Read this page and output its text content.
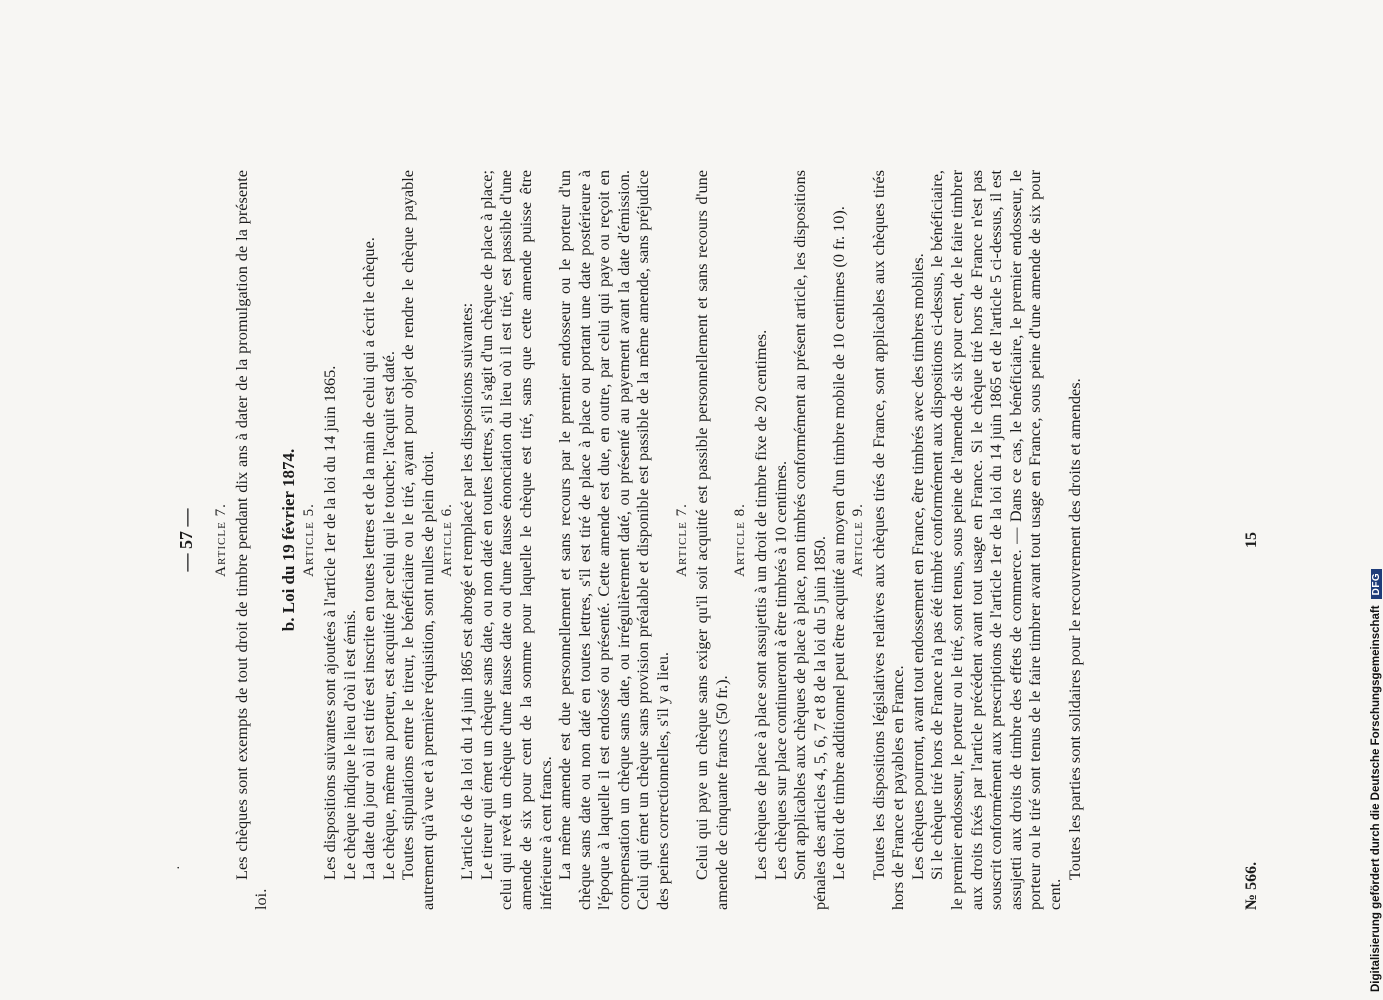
·
— 57 —	Article 7. Les chèques sont exempts de tout droit de timbre pendant dix ans à dater de la promulgation de la présente loi.

b. Loi du 19 février 1874. Article 5. Les dispositions suivantes sont ajoutées à l'article 1er de la loi du 14 juin 1865. Le chèque indique le lieu d'où il est émis. La date du jour où il est tiré est inscrite en toutes lettres et de la main de celui qui a écrit le chèque. Le chèque, même au porteur, est acquitté par celui qui le touche; l'acquit est daté. Toutes stipulations entre le tireur, le bénéficiaire ou le tiré, ayant pour objet de rendre le chèque payable autrement qu'à vue et à première réquisition, sont nulles de plein droit. Article 6. L'article 6 de la loi du 14 juin 1865 est abrogé et remplacé par les dispositions suivantes: Le tireur qui émet un chèque sans date, ou non daté en toutes lettres, s'il s'agit d'un chèque de place à place; celui qui revêt un chèque d'une fausse date ou d'une fausse énonciation du lieu où il est tiré, est passible d'une amende de six pour cent de la somme pour laquelle le chèque est tiré, sans que cette amende puisse être inférieure à cent francs. La même amende est due personnellement et sans recours par le premier endosseur ou le porteur d'un chèque sans date ou non daté en toutes lettres, s'il est tiré de place à place ou portant une date postérieure à l'époque à laquelle il est endossé ou présenté. Cette amende est due, en outre, par celui qui paye ou reçoit en compensation un chèque sans date, ou irrégulièrement daté, ou présenté au payement avant la date d'émission. Celui qui émet un chèque sans provision préalable et disponible est passible de la même amende, sans préjudice des peines correctionnelles, s'il y a lieu.

Article 7. Celui qui paye un chèque sans exiger qu'il soit acquitté est passible personnellement et sans recours d'une amende de cinquante francs (50 fr.).

Article 8. Les chèques de place à place sont assujettis à un droit de timbre fixe de 20 centimes. Les chèques sur place continueront à être timbrés à 10 centimes. Sont applicables aux chèques de place à place, non timbrés conformément au présent article, les dispositions pénales des articles 4, 5, 6, 7 et 8 de la loi du 5 juin 1850. Le droit de timbre additionnel peut être acquitté au moyen d'un timbre mobile de 10 centimes (0 fr. 10). Article 9. Toutes les dispositions législatives relatives aux chèques tirés de France, sont applicables aux chèques tirés hors de France et payables en France. Les chèques pourront, avant tout endossement en France, être timbrés avec des timbres mobiles. Si le chèque tiré hors de France n'a pas été timbré conformément aux dispositions ci-dessus, le bénéficiaire, le premier endosseur, le porteur ou le tiré, sont tenus, sous peine de l'amende de six pour cent, de le faire timbrer aux droits fixés par l'article précédent avant tout usage en France. Si le chèque tiré hors de France n'est pas souscrit conformément aux prescriptions de l'article 1er de la loi du 14 juin 1865 et de l'article 5 ci-dessus, il est assujetti aux droits de timbre des effets de commerce. — Dans ce cas, le bénéficiaire, le premier endosseur, le porteur ou le tiré sont tenus de le faire timbrer avant tout usage en France, sous peine d'une amende de six pour cent.

Toutes les parties sont solidaires pour le recouvrement des droits et amendes.

№ 566.
15
Digitalisierung gefördert durch die Deutsche ForschungsgemeinschaftDFG
